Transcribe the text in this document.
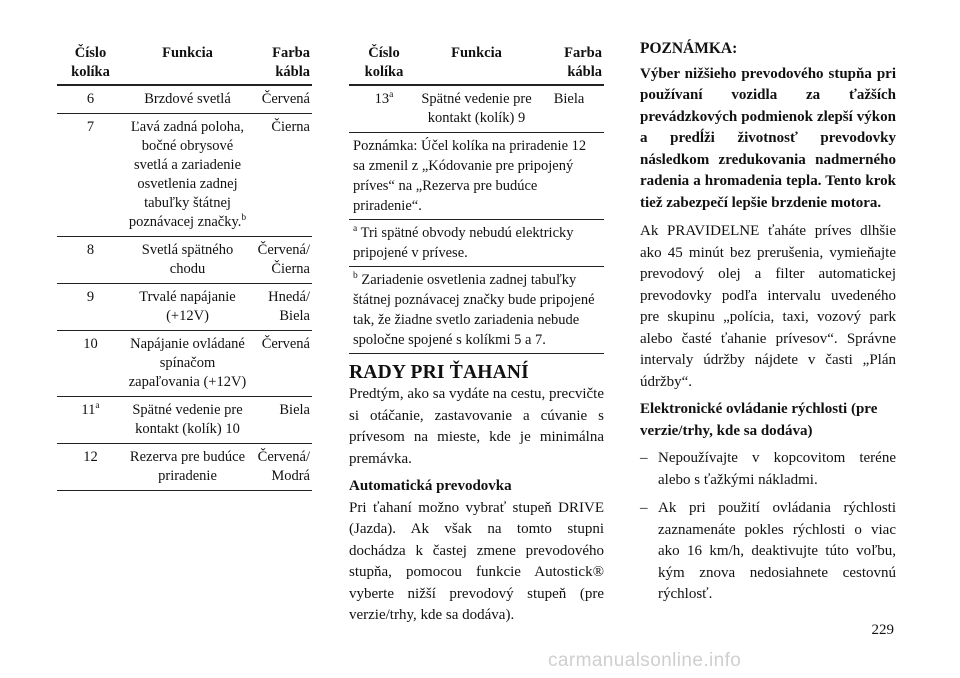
Číslo kolíka	Funkcia	Farba kábla
6	Brzdové svetlá	Červená
7	Ľavá zadná poloha, bočné obrysové svetlá a zariadenie osvetlenia zadnej tabuľky štátnej poznávacej značky.$^b$	Čierna
8	Svetlá spätného chodu	Červená/ Čierna
9	Trvalé napájanie (+12V)	Hnedá/ Biela
10	Napájanie ovládané spínačom zapaľovania (+12V)	Červená
11$^a$	Spätné vedenie pre kontakt (kolík) 10	Biela
12	Rezerva pre budúce priradenie	Červená/ Modrá
Číslo kolíka	Funkcia	Farba kábla
13$^a$	Spätné vedenie pre kontakt (kolík) 9	Biela
Poznámka: Účel kolíka na priradenie 12 sa zmenil z „Kódovanie pre pripojený príves“ na „Rezerva pre budúce priradenie“.		
$^a$ Tri spätné obvody nebudú elektricky pripojené v prívese.		
$^b$ Zariadenie osvetlenia zadnej tabuľky štátnej poznávacej značky bude pripojené tak, že žiadne svetlo zariadenia nebude spoločne spojené s kolíkmi 5 a 7.		

RADY PRI ŤAHANÍ

Predtým, ako sa vydáte na cestu, precvičte si otáčanie, zastavovanie a cúvanie s prívesom na mieste, kde je minimálna premávka.

Automatická prevodovka

Pri ťahaní možno vybrať stupeň DRIVE (Jazda). Ak však na tomto stupni dochádza k častej zmene prevodového stupňa, pomocou funkcie Autostick® vyberte nižší prevodový stupeň (pre verzie/trhy, kde sa dodáva).

POZNÁMKA:

Výber nižšieho prevodového stupňa pri používaní vozidla za ťažších prevádzkových podmienok zlepší výkon a predĺži životnosť prevodovky následkom zredukovania nadmerného radenia a hromadenia tepla. Tento krok tiež zabezpečí lepšie brzdenie motora.

Ak PRAVIDELNE ťaháte príves dlhšie ako 45 minút bez prerušenia, vymieňajte prevodový olej a filter automatickej prevodovky podľa intervalu uvedeného pre skupinu „polícia, taxi, vozový park alebo časté ťahanie prívesov“. Správne intervaly údržby nájdete v časti „Plán údržby“.

Elektronické ovládanie rýchlosti (pre verzie/trhy, kde sa dodáva)

– Nepoužívajte v kopcovitom teréne alebo s ťažkými nákladmi.
– Ak pri použití ovládania rýchlosti zaznamenáte pokles rýchlosti o viac ako 16 km/h, deaktivujte túto voľbu, kým znova nedosiahnete cestovnú rýchlosť.
229
carmanualsonline.info
